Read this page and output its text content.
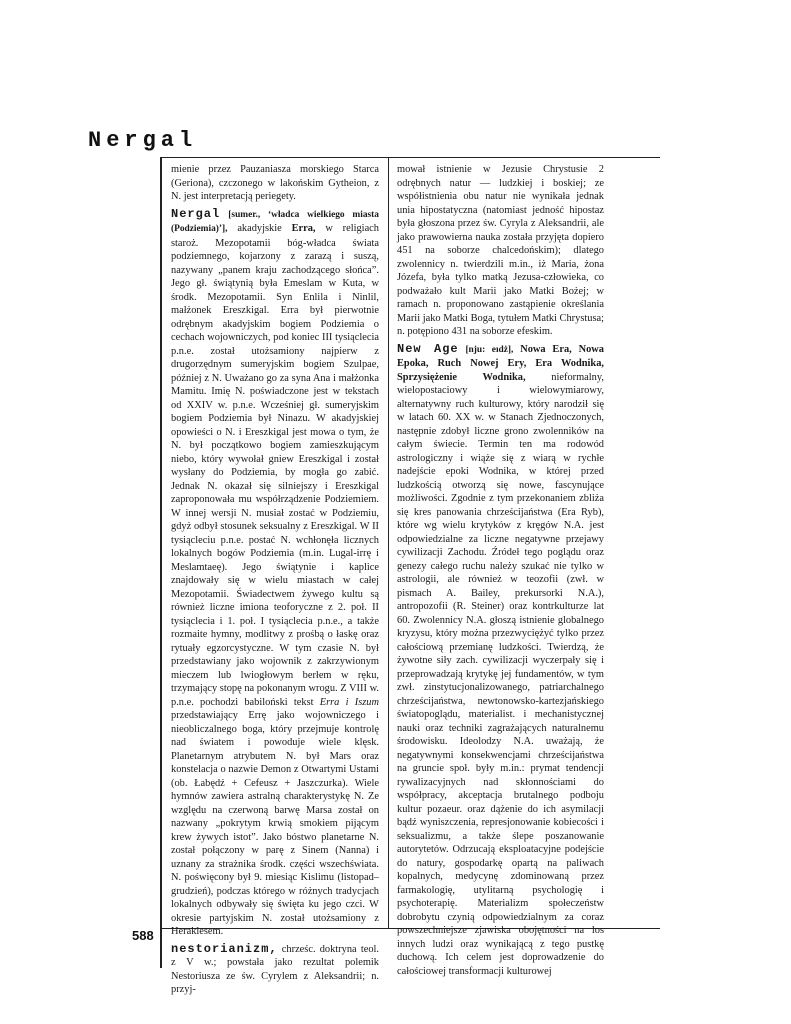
Nergal
588

mienie przez Pauzaniasza morskiego Starca (Geriona), czczonego w lakońskim Gytheion, z N. jest interpretacją periegety.

Nergal [sumer., ‘władca wielkiego miasta (Podziemia)’], akadyjskie Erra, w religiach staroż. Mezopotamii bóg-władca świata podziemnego, kojarzony z zarazą i suszą, nazywany „panem kraju zachodzącego słońca”. Jego gł. świątynią była Emeslam w Kuta, w środk. Mezopotamii. Syn Enlila i Ninlil, małżonek Ereszkigal. Erra był pierwotnie odrębnym akadyjskim bogiem Podziemia o cechach wojowniczych, pod koniec III tysiąclecia p.n.e. został utożsamiony najpierw z drugorzędnym sumeryjskim bogiem Szulpae, później z N. Uważano go za syna Ana i małżonka Mamitu. Imię N. poświadczone jest w tekstach od XXIV w. p.n.e. Wcześniej gł. sumeryjskim bogiem Podziemia był Ninazu. W akadyjskiej opowieści o N. i Ereszkigal jest mowa o tym, że N. był początkowo bogiem zamieszkującym niebo, który wywołał gniew Ereszkigal i został wysłany do Podziemia, by mogła go zabić. Jednak N. okazał się silniejszy i Ereszkigal zaproponowała mu współrządzenie Podziemiem. W innej wersji N. musiał zostać w Podziemiu, gdyż odbył stosunek seksualny z Ereszkigal. W II tysiącleciu p.n.e. postać N. wchłonęła licznych lokalnych bogów Podziemia (m.in. Lugal-irrę i Meslamtaeę). Jego świątynie i kaplice znajdowały się w wielu miastach w całej Mezopotamii. Świadectwem żywego kultu są również liczne imiona teoforyczne z 2. poł. II tysiąclecia i 1. poł. I tysiąclecia p.n.e., a także rozmaite hymny, modlitwy z prośbą o łaskę oraz rytuały egzorcystyczne. W tym czasie N. był przedstawiany jako wojownik z zakrzywionym mieczem lub lwiogłowym berłem w ręku, trzymający stopę na pokonanym wrogu. Z VIII w. p.n.e. pochodzi babiloński tekst Erra i Iszum przedstawiający Errę jako wojowniczego i nieobliczalnego boga, który przejmuje kontrolę nad światem i powoduje wiele klęsk. Planetarnym atrybutem N. był Mars oraz konstelacja o nazwie Demon z Otwartymi Ustami (ob. Łabędź + Cefeusz + Jaszczurka). Wiele hymnów zawiera astralną charakterystykę N. Ze względu na czerwoną barwę Marsa został on nazwany „pokrytym krwią smokiem pijącym krew żywych istot”. Jako bóstwo planetarne N. został połączony w parę z Sinem (Nanna) i uznany za strażnika środk. części wszechświata. N. poświęcony był 9. miesiąc Kislimu (listopad–grudzień), podczas którego w różnych tradycjach lokalnych odbywały się święta ku jego czci. W okresie partyjskim N. został utożsamiony z Heraklesem.

nestorianizm, chrześc. doktryna teol. z V w.; powstała jako rezultat polemik Nestoriusza ze św. Cyrylem z Aleksandrii; n. przyj-

mował istnienie w Jezusie Chrystusie 2 odrębnych natur — ludzkiej i boskiej; ze współistnienia obu natur nie wynikała jednak unia hipostatyczna (natomiast jedność hipostaz była głoszona przez św. Cyryla z Aleksandrii, ale jako prawowierna nauka została przyjęta dopiero 451 na soborze chalcedońskim); dlatego zwolennicy n. twierdzili m.in., iż Maria, żona Józefa, była tylko matką Jezusa-człowieka, co podważało kult Marii jako Matki Bożej; w ramach n. proponowano zastąpienie określania Marii jako Matki Boga, tytułem Matki Chrystusa; n. potępiono 431 na soborze efeskim.

New Age [nju: eıdż], Nowa Era, Nowa Epoka, Ruch Nowej Ery, Era Wodnika, Sprzysiężenie Wodnika, nieformalny, wielopostaciowy i wielowymiarowy, alternatywny ruch kulturowy, który narodził się w latach 60. XX w. w Stanach Zjednoczonych, następnie zdobył liczne grono zwolenników na całym świecie. Termin ten ma rodowód astrologiczny i wiąże się z wiarą w rychłe nadejście epoki Wodnika, w której przed ludzkością otworzą się nowe, fascynujące możliwości. Zgodnie z tym przekonaniem zbliża się kres panowania chrześcijaństwa (Era Ryb), które wg wielu krytyków z kręgów N.A. jest odpowiedzialne za liczne negatywne przejawy cywilizacji Zachodu. Źródeł tego poglądu oraz genezy całego ruchu należy szukać nie tylko w astrologii, ale również w teozofii (zwł. w pismach A. Bailey, prekursorki N.A.), antropozofii (R. Steiner) oraz kontrkulturze lat 60. Zwolennicy N.A. głoszą istnienie globalnego kryzysu, który można przezwyciężyć tylko przez całościową przemianę ludzkości. Twierdzą, że żywotne siły zach. cywilizacji wyczerpały się i przeprowadzają krytykę jej fundamentów, w tym zwł. zinstytucjonalizowanego, patriarchalnego chrześcijaństwa, newtonowsko-kartezjańskiego światopoglądu, materialist. i mechanistycznej nauki oraz techniki zagrażających naturalnemu środowisku. Ideolodzy N.A. uważają, że negatywnymi konsekwencjami chrześcijaństwa na gruncie społ. były m.in.: prymat tendencji rywalizacyjnych nad skłonnościami do współpracy, akceptacja brutalnego podboju kultur pozaeur. oraz dążenie do ich asymilacji bądź wyniszczenia, represjonowanie kobiecości i seksualizmu, a także ślepe poszanowanie autorytetów. Odrzucają eksploatacyjne podejście do natury, gospodarkę opartą na paliwach kopalnych, medycynę zdominowaną przez farmakologię, utylitarną psychologię i psychoterapię. Materializm społeczeństw dobrobytu czynią odpowiedzialnym za coraz powszechniejsze zjawiska obojętności na los innych ludzi oraz wynikającą z tego pustkę duchową. Ich celem jest doprowadzenie do całościowej transformacji kulturowej
